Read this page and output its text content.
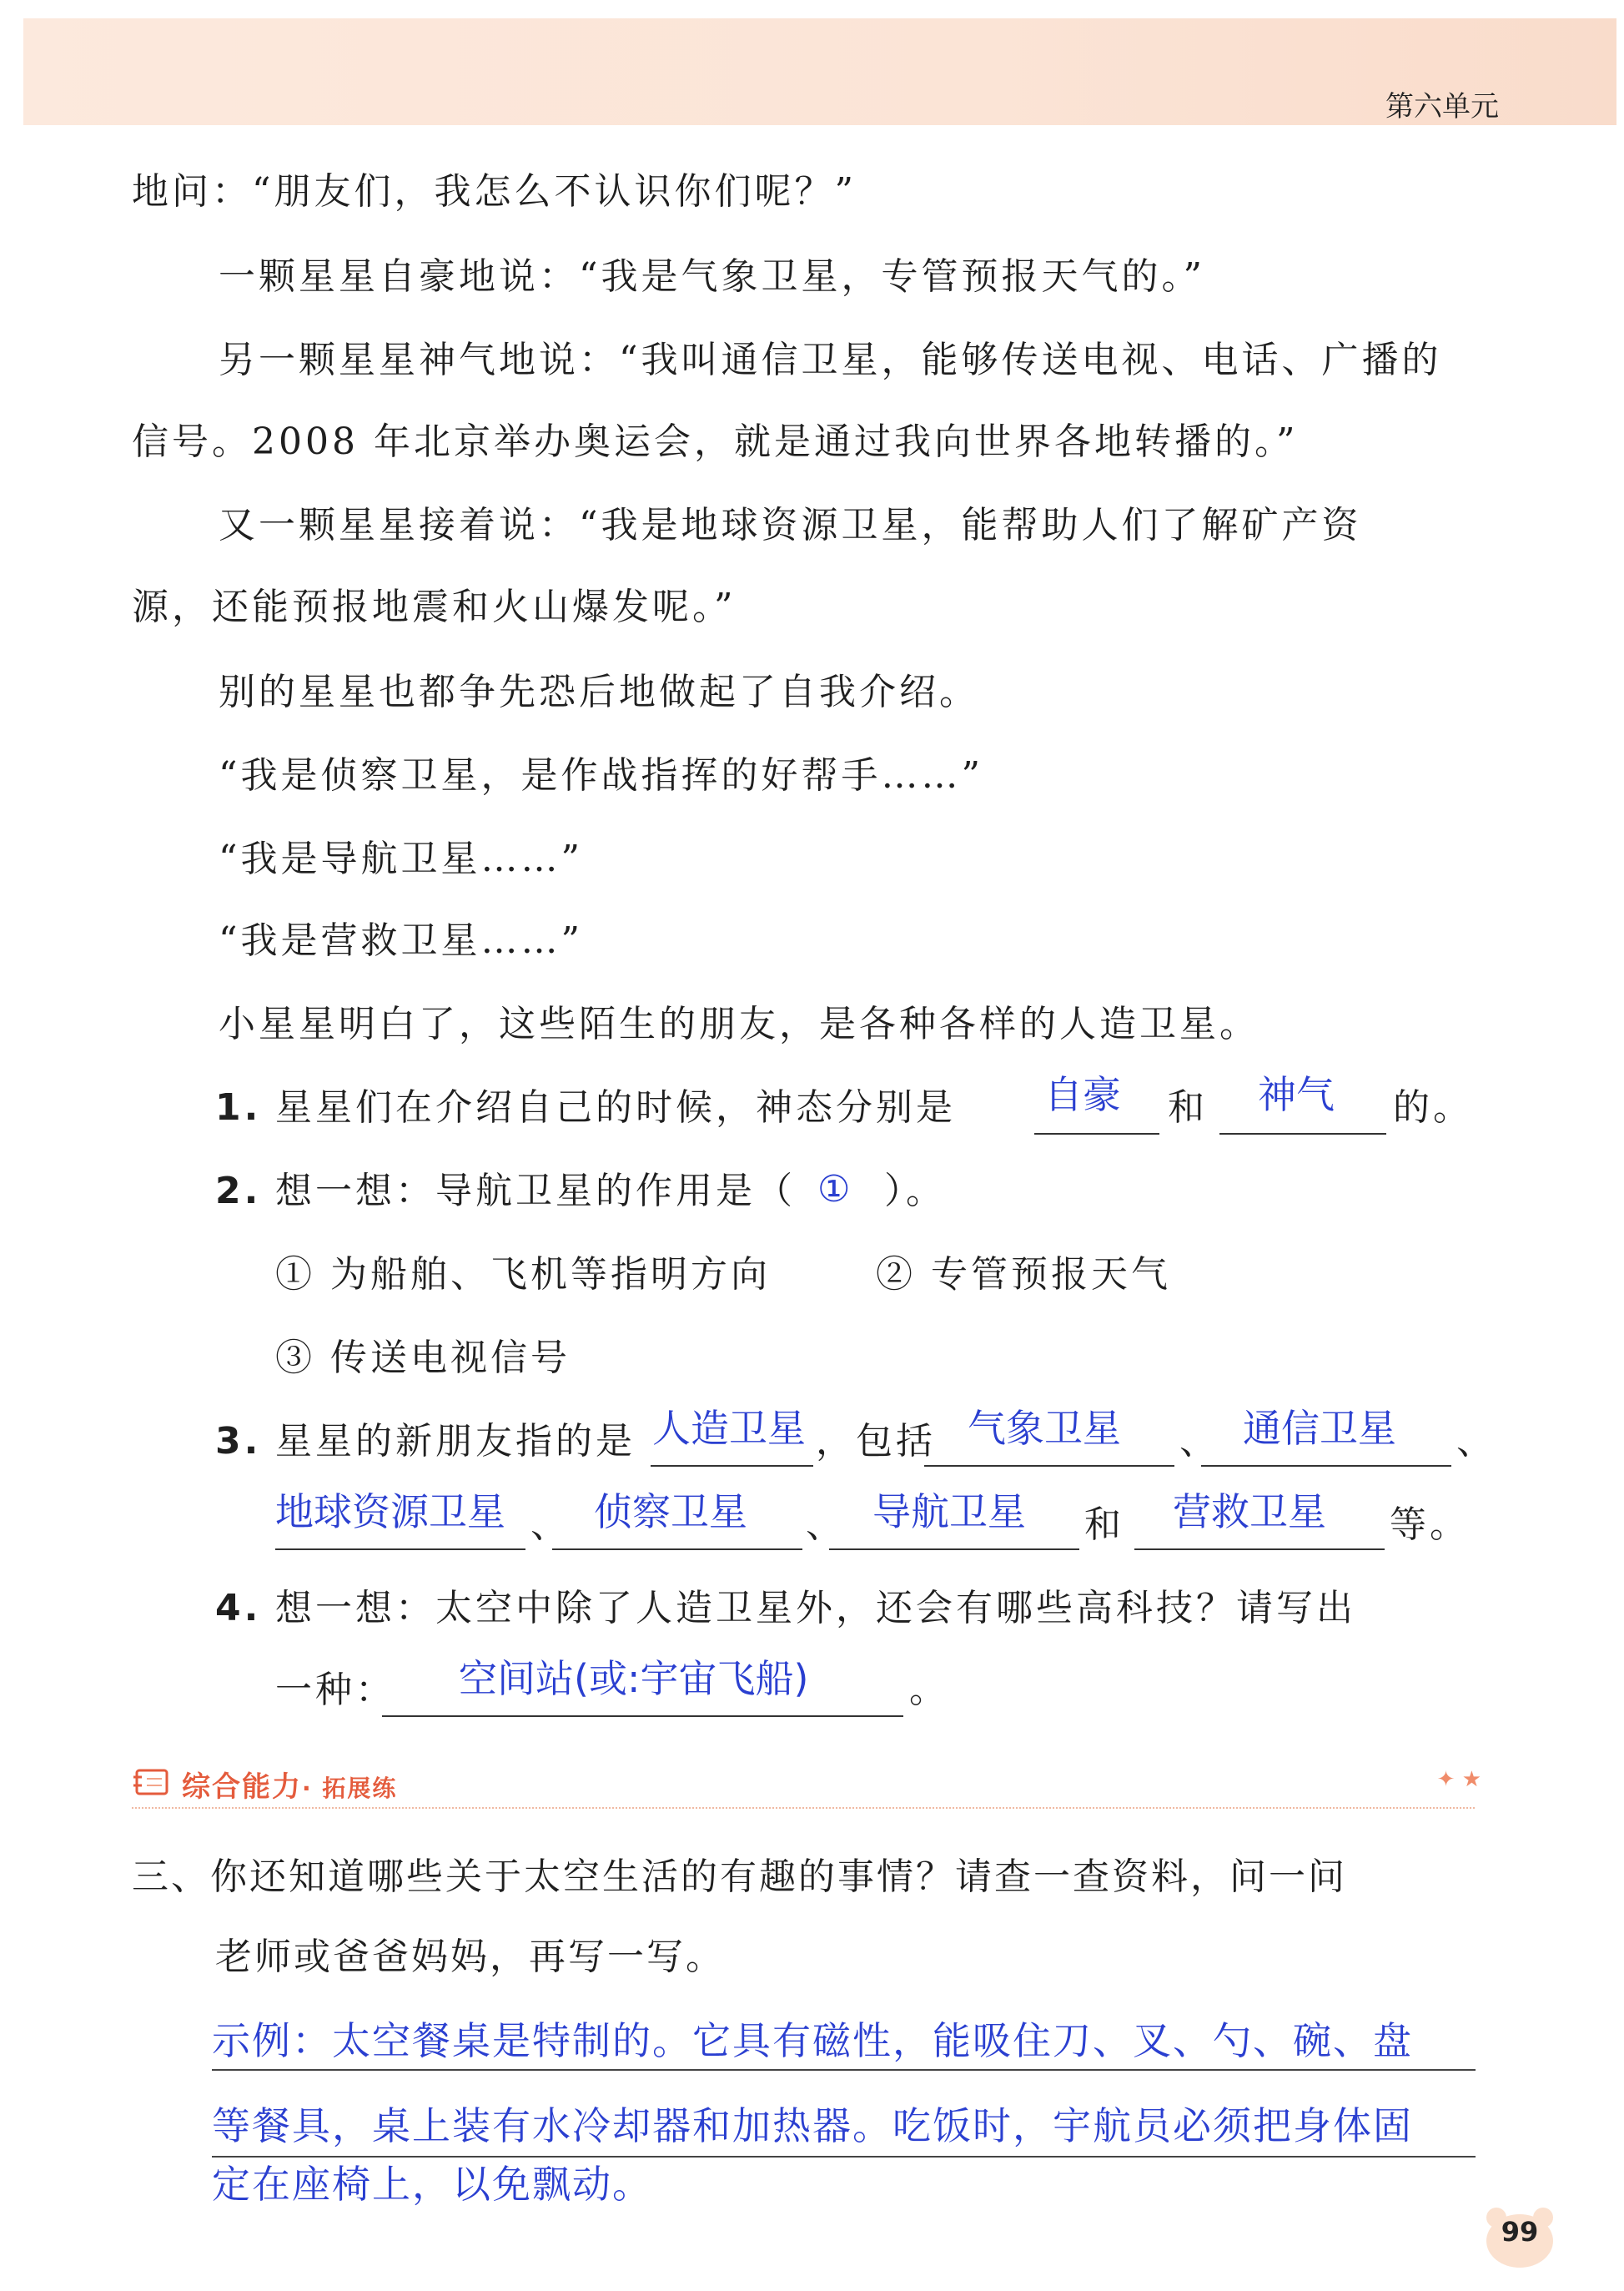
第六单元
地问：“朋友们，我怎么不认识你们呢？”
一颗星星自豪地说：“我是气象卫星，专管预报天气的。”
另一颗星星神气地说：“我叫通信卫星，能够传送电视、电话、广播的
信号。2008 年北京举办奥运会，就是通过我向世界各地转播的。”
又一颗星星接着说：“我是地球资源卫星，能帮助人们了解矿产资
源，还能预报地震和火山爆发呢。”
别的星星也都争先恐后地做起了自我介绍。
“我是侦察卫星，是作战指挥的好帮手……”
“我是导航卫星……”
“我是营救卫星……”
小星星明白了，这些陌生的朋友，是各种各样的人造卫星。
1. 星星们在介绍自己的时候，神态分别是 自豪 和 神气 的。
2. 想一想：导航卫星的作用是（ ① ）。
① 为船舶、飞机等指明方向	② 专管预报天气
③ 传送电视信号
3. 星星的新朋友指的是 人造卫星 ，包括 气象卫星 、 通信卫星 、
地球资源卫星 、 侦察卫星 、 导航卫星 和 营救卫星 等。
4. 想一想：太空中除了人造卫星外，还会有哪些高科技？请写出
一种： 空间站(或:宇宙飞船)	。
综合能力· 拓展练	✦ ★
三、你还知道哪些关于太空生活的有趣的事情？请查一查资料，问一问
老师或爸爸妈妈，再写一写。
示例：太空餐桌是特制的。它具有磁性，能吸住刀、叉、勺、碗、盘
等餐具，桌上装有水冷却器和加热器。吃饭时，宇航员必须把身体固
定在座椅上，以免飘动。
99
